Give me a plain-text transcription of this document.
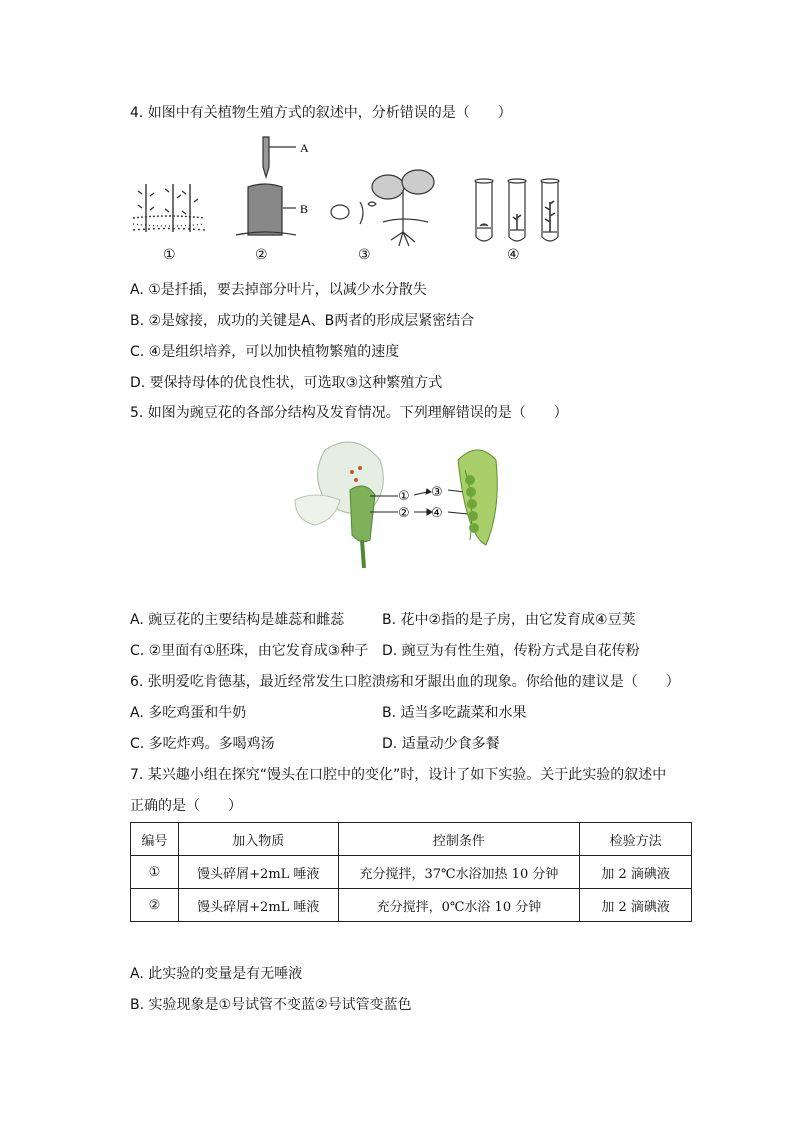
4. 如图中有关植物生殖方式的叙述中，分析错误的是（　　）
A
B
①	②	③	④
A. ①是扦插，要去掉部分叶片，以减少水分散失
B. ②是嫁接，成功的关键是A、B两者的形成层紧密结合
C. ④是组织培养，可以加快植物繁殖的速度
D. 要保持母体的优良性状，可选取③这种繁殖方式
5. 如图为豌豆花的各部分结构及发育情况。下列理解错误的是（　　）
①
②
③
④
A. 豌豆花的主要结构是雄蕊和雌蕊	B. 花中②指的是子房，由它发育成④豆荚
C. ②里面有①胚珠，由它发育成③种子 D. 豌豆为有性生殖，传粉方式是自花传粉
6. 张明爱吃肯德基，最近经常发生口腔溃疡和牙龈出血的现象。你给他的建议是（　　）
A. 多吃鸡蛋和牛奶	B. 适当多吃蔬菜和水果
C. 多吃炸鸡。多喝鸡汤	D. 适量动少食多餐
7. 某兴趣小组在探究“馒头在口腔中的变化”时，设计了如下实验。关于此实验的叙述中
正确的是（　　）
编号	加入物质	控制条件	检验方法
①	馒头碎屑+2mL 唾液	充分搅拌，37℃水浴加热 10 分钟	加 2 滴碘液
②	馒头碎屑+2mL 唾液	充分搅拌，0℃水浴 10 分钟	加 2 滴碘液
A. 此实验的变量是有无唾液
B. 实验现象是①号试管不变蓝②号试管变蓝色
